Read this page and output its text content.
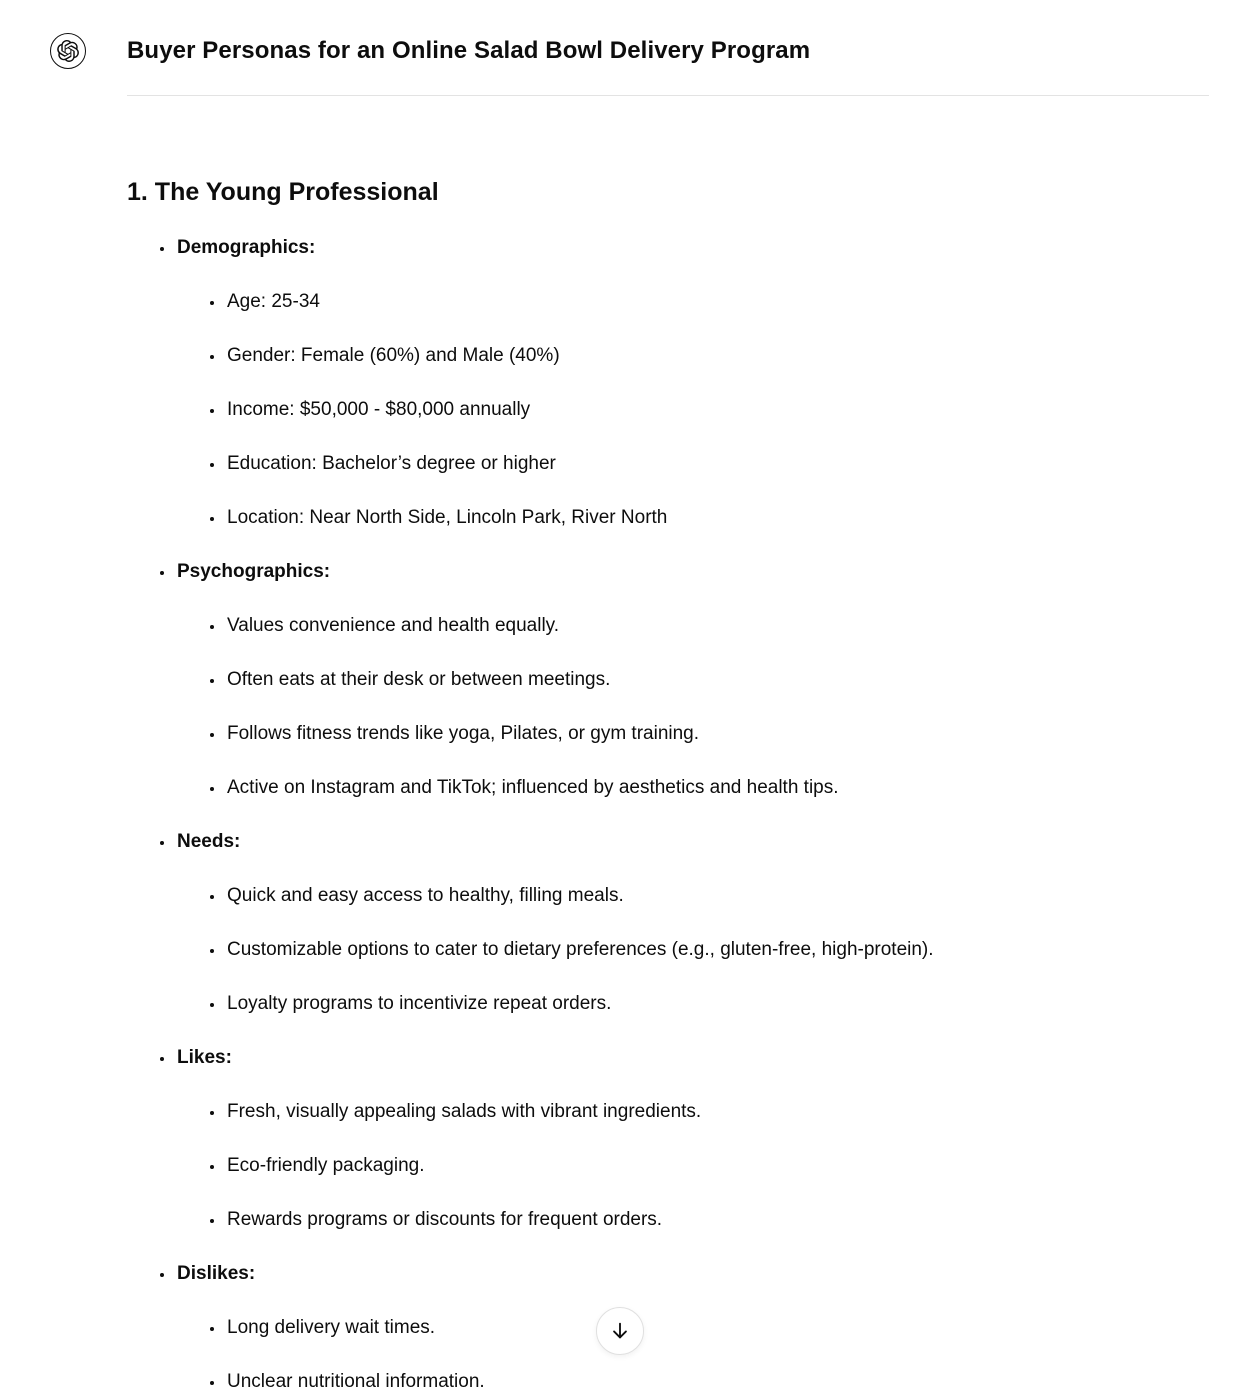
Buyer Personas for an Online Salad Bowl Delivery Program
1. The Young Professional
• Demographics:
• Age: 25-34
• Gender: Female (60%) and Male (40%)
• Income: $50,000 - $80,000 annually
• Education: Bachelor’s degree or higher
• Location: Near North Side, Lincoln Park, River North
• Psychographics:
• Values convenience and health equally.
• Often eats at their desk or between meetings.
• Follows fitness trends like yoga, Pilates, or gym training.
• Active on Instagram and TikTok; influenced by aesthetics and health tips.
• Needs:
• Quick and easy access to healthy, filling meals.
• Customizable options to cater to dietary preferences (e.g., gluten-free, high-protein).
• Loyalty programs to incentivize repeat orders.
• Likes:
• Fresh, visually appealing salads with vibrant ingredients.
• Eco-friendly packaging.
• Rewards programs or discounts for frequent orders.
• Dislikes:
• Long delivery wait times.
• Unclear nutritional information.
